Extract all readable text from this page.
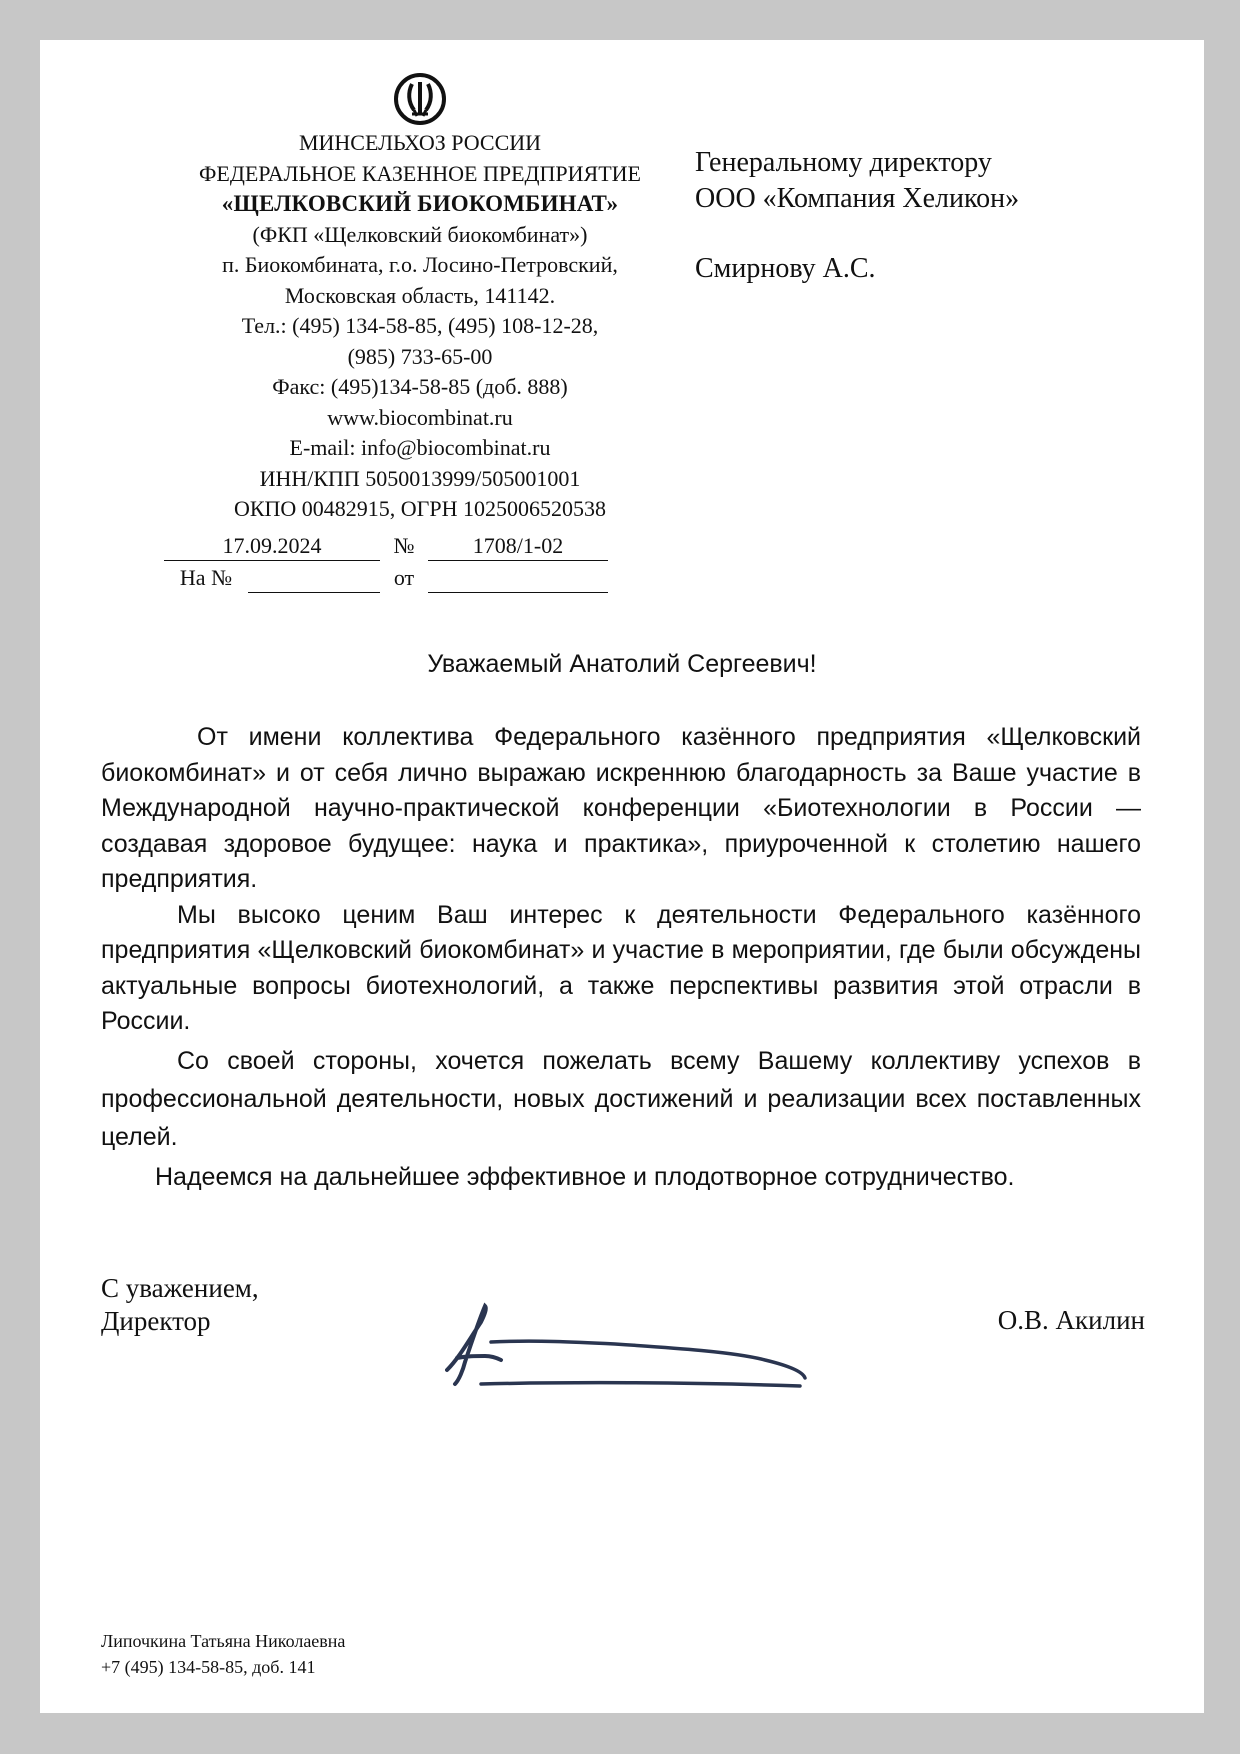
МИНСЕЛЬХОЗ РОССИИ
ФЕДЕРАЛЬНОЕ КАЗЕННОЕ ПРЕДПРИЯТИЕ
«ЩЕЛКОВСКИЙ БИОКОМБИНАТ»
(ФКП «Щелковский биокомбинат»)
п. Биокомбината, г.о. Лосино-Петровский,
Московская область, 141142.
Тел.: (495) 134-58-85, (495) 108-12-28,
(985) 733-65-00
Факс: (495)134-58-85 (доб. 888)
www.biocombinat.ru
E-mail: info@biocombinat.ru
ИНН/КПП 5050013999/505001001
ОКПО 00482915, ОГРН 1025006520538
17.09.2024	№	1708/1-02
На №	от
Генеральному директору
ООО «Компания Хеликон»
Смирнову А.С.
Уважаемый Анатолий Сергеевич!

От имени коллектива Федерального казённого предприятия «Щелковский биокомбинат» и от себя лично выражаю искреннюю благодарность за Ваше участие в Международной научно-практической конференции «Биотехнологии в России — создавая здоровое будущее: наука и практика», приуроченной к столетию нашего предприятия.

Мы высоко ценим Ваш интерес к деятельности Федерального казённого предприятия «Щелковский биокомбинат» и участие в мероприятии, где были обсуждены актуальные вопросы биотехнологий, а также перспективы развития этой отрасли в России.

Со своей стороны, хочется пожелать всему Вашему коллективу успехов в профессиональной деятельности, новых достижений и реализации всех поставленных целей.

Надеемся на дальнейшее эффективное и плодотворное сотрудничество.

С уважением,
Директор	О.В. Акилин
Липочкина Татьяна Николаевна
+7 (495) 134-58-85, доб. 141
